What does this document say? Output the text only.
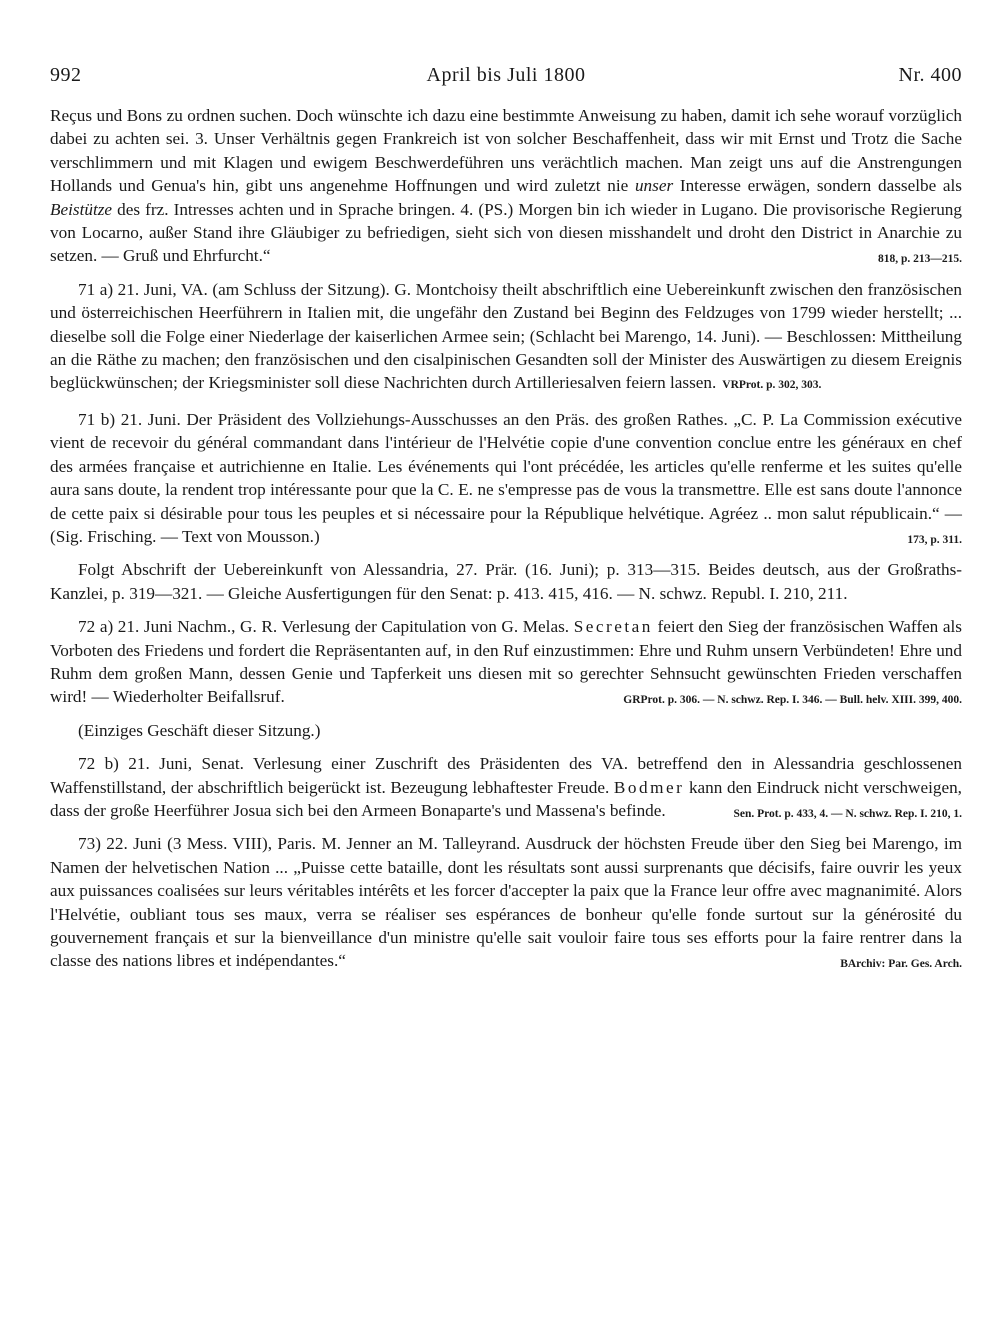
992	April bis Juli 1800	Nr. 400

Reçus und Bons zu ordnen suchen. Doch wünschte ich dazu eine bestimmte Anweisung zu haben, damit ich sehe worauf vorzüglich dabei zu achten sei. 3. Unser Verhältnis gegen Frankreich ist von solcher Beschaffenheit, dass wir mit Ernst und Trotz die Sache verschlimmern und mit Klagen und ewigem Beschwerdeführen uns verächtlich machen. Man zeigt uns auf die Anstrengungen Hollands und Genua's hin, gibt uns angenehme Hoffnungen und wird zuletzt nie unser Interesse erwägen, sondern dasselbe als Beistütze des frz. Intresses achten und in Sprache bringen. 4. (PS.) Morgen bin ich wieder in Lugano. Die provisorische Regierung von Locarno, außer Stand ihre Gläubiger zu befriedigen, sieht sich von diesen misshandelt und droht den District in Anarchie zu setzen. — Gruß und Ehrfurcht.“	818, p. 213—215.

71 a) 21. Juni, VA. (am Schluss der Sitzung). G. Montchoisy theilt abschriftlich eine Uebereinkunft zwischen den französischen und österreichischen Heerführern in Italien mit, die ungefähr den Zustand bei Beginn des Feldzuges von 1799 wieder herstellt; ... dieselbe soll die Folge einer Niederlage der kaiserlichen Armee sein; (Schlacht bei Marengo, 14. Juni). — Beschlossen: Mittheilung an die Räthe zu machen; den französischen und den cisalpinischen Gesandten soll der Minister des Auswärtigen zu diesem Ereignis beglückwünschen; der Kriegsminister soll diese Nachrichten durch Artilleriesalven feiern lassen. VRProt. p. 302, 303.

71 b) 21. Juni. Der Präsident des Vollziehungs-Ausschusses an den Präs. des großen Rathes. „C. P. La Commission exécutive vient de recevoir du général commandant dans l'intérieur de l'Helvétie copie d'une convention conclue entre les généraux en chef des armées française et autrichienne en Italie. Les événements qui l'ont précédée, les articles qu'elle renferme et les suites qu'elle aura sans doute, la rendent trop intéressante pour que la C. E. ne s'empresse pas de vous la transmettre. Elle est sans doute l'annonce de cette paix si désirable pour tous les peuples et si nécessaire pour la République helvétique. Agréez .. mon salut républicain.“ — (Sig. Frisching. — Text von Mousson.)	173, p. 311.

Folgt Abschrift der Uebereinkunft von Alessandria, 27. Prär. (16. Juni); p. 313—315. Beides deutsch, aus der Großraths-Kanzlei, p. 319—321. — Gleiche Ausfertigungen für den Senat: p. 413. 415, 416. — N. schwz. Republ. I. 210, 211.

72 a) 21. Juni Nachm., G. R. Verlesung der Capitulation von G. Melas. Secretan feiert den Sieg der französischen Waffen als Vorboten des Friedens und fordert die Repräsentanten auf, in den Ruf einzustimmen: Ehre und Ruhm unsern Verbündeten! Ehre und Ruhm dem großen Mann, dessen Genie und Tapferkeit uns diesen mit so gerechter Sehnsucht gewünschten Frieden verschaffen wird! — Wiederholter Beifallsruf.	GRProt. p. 306. — N. schwz. Rep. I. 346. — Bull. helv. XIII. 399, 400.

(Einziges Geschäft dieser Sitzung.)

72 b) 21. Juni, Senat. Verlesung einer Zuschrift des Präsidenten des VA. betreffend den in Alessandria geschlossenen Waffenstillstand, der abschriftlich beigerückt ist. Bezeugung lebhaftester Freude. Bodmer kann den Eindruck nicht verschweigen, dass der große Heerführer Josua sich bei den Armeen Bonaparte's und Massena's befinde.	Sen. Prot. p. 433, 4. — N. schwz. Rep. I. 210, 1.

73) 22. Juni (3 Mess. VIII), Paris. M. Jenner an M. Talleyrand. Ausdruck der höchsten Freude über den Sieg bei Marengo, im Namen der helvetischen Nation ... „Puisse cette bataille, dont les résultats sont aussi surprenants que décisifs, faire ouvrir les yeux aux puissances coalisées sur leurs véritables intérêts et les forcer d'accepter la paix que la France leur offre avec magnanimité. Alors l'Helvétie, oubliant tous ses maux, verra se réaliser ses espérances de bonheur qu'elle fonde surtout sur la générosité du gouvernement français et sur la bienveillance d'un ministre qu'elle sait vouloir faire tous ses efforts pour la faire rentrer dans la classe des nations libres et indépendantes.“	BArchiv: Par. Ges. Arch.
